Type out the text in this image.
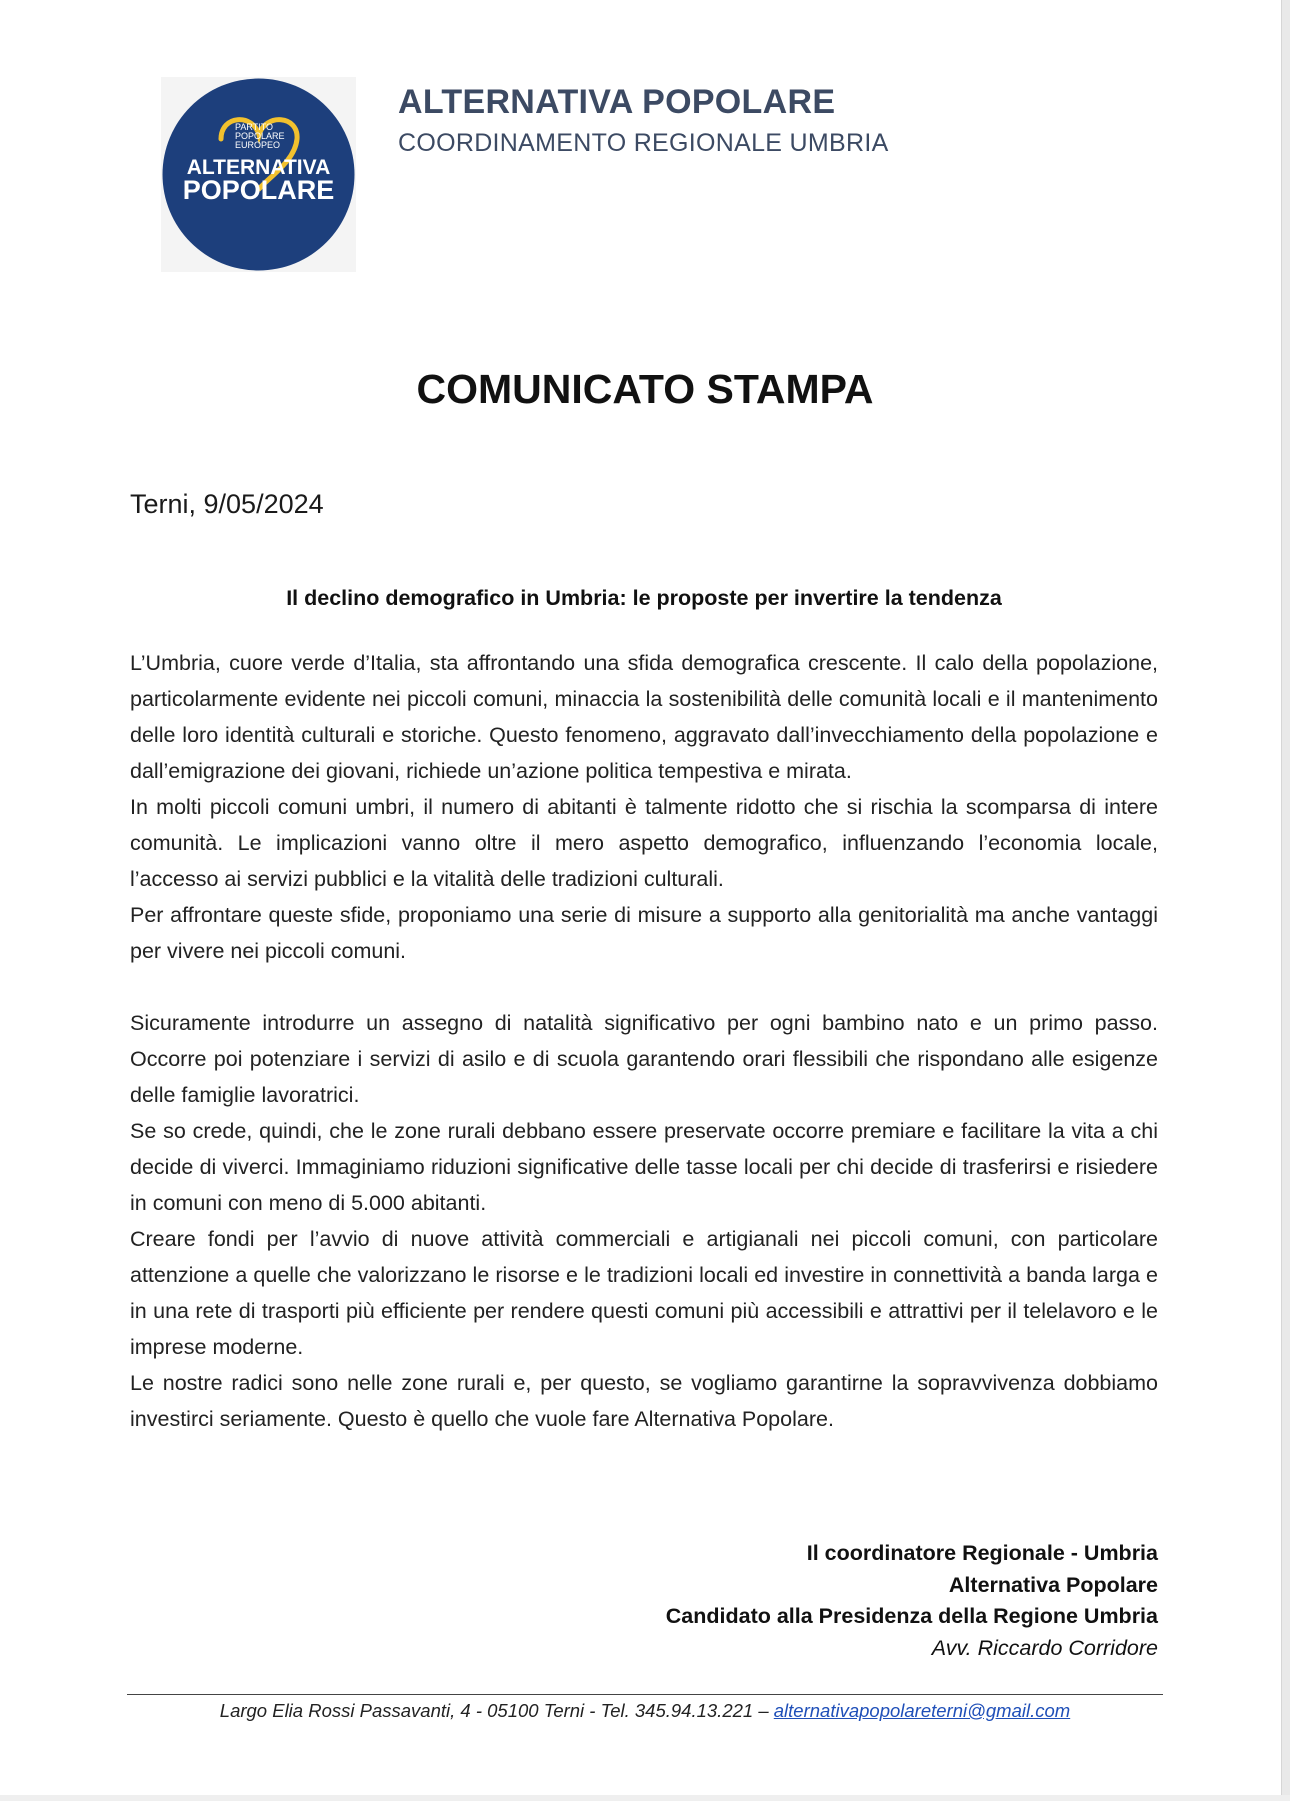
PARTITO
POPOLARE
EUROPEO
ALTERNATIVA
POPOLARE
ALTERNATIVA POPOLARE
COORDINAMENTO REGIONALE UMBRIA
COMUNICATO STAMPA
Terni, 9/05/2024
Il declino demografico in Umbria: le proposte per invertire la tendenza

L’Umbria, cuore verde d’Italia, sta affrontando una sfida demografica crescente. Il calo della popolazione, particolarmente evidente nei piccoli comuni, minaccia la sostenibilità delle comunità locali e il mantenimento delle loro identità culturali e storiche. Questo fenomeno, aggravato dall’invecchiamento della popolazione e dall’emigrazione dei giovani, richiede un’azione politica tempestiva e mirata.

In molti piccoli comuni umbri, il numero di abitanti è talmente ridotto che si rischia la scomparsa di intere comunità. Le implicazioni vanno oltre il mero aspetto demografico, influenzando l’economia locale, l’accesso ai servizi pubblici e la vitalità delle tradizioni culturali.

Per affrontare queste sfide, proponiamo una serie di misure a supporto alla genitorialità ma anche vantaggi per vivere nei piccoli comuni.

Sicuramente introdurre un assegno di natalità significativo per ogni bambino nato e un primo passo. Occorre poi potenziare i servizi di asilo e di scuola garantendo orari flessibili che rispondano alle esigenze delle famiglie lavoratrici.

Se so crede, quindi, che le zone rurali debbano essere preservate occorre premiare e facilitare la vita a chi decide di viverci. Immaginiamo riduzioni significative delle tasse locali per chi decide di trasferirsi e risiedere in comuni con meno di 5.000 abitanti.

Creare fondi per l’avvio di nuove attività commerciali e artigianali nei piccoli comuni, con particolare attenzione a quelle che valorizzano le risorse e le tradizioni locali ed investire in connettività a banda larga e in una rete di trasporti più efficiente per rendere questi comuni più accessibili e attrattivi per il telelavoro e le imprese moderne.

Le nostre radici sono nelle zone rurali e, per questo, se vogliamo garantirne la sopravvivenza dobbiamo investirci seriamente. Questo è quello che vuole fare Alternativa Popolare.

Il coordinatore Regionale - Umbria
Alternativa Popolare
Candidato alla Presidenza della Regione Umbria
Avv. Riccardo Corridore
Largo Elia Rossi Passavanti, 4 - 05100 Terni - Tel. 345.94.13.221 – alternativapopolareterni@gmail.com
